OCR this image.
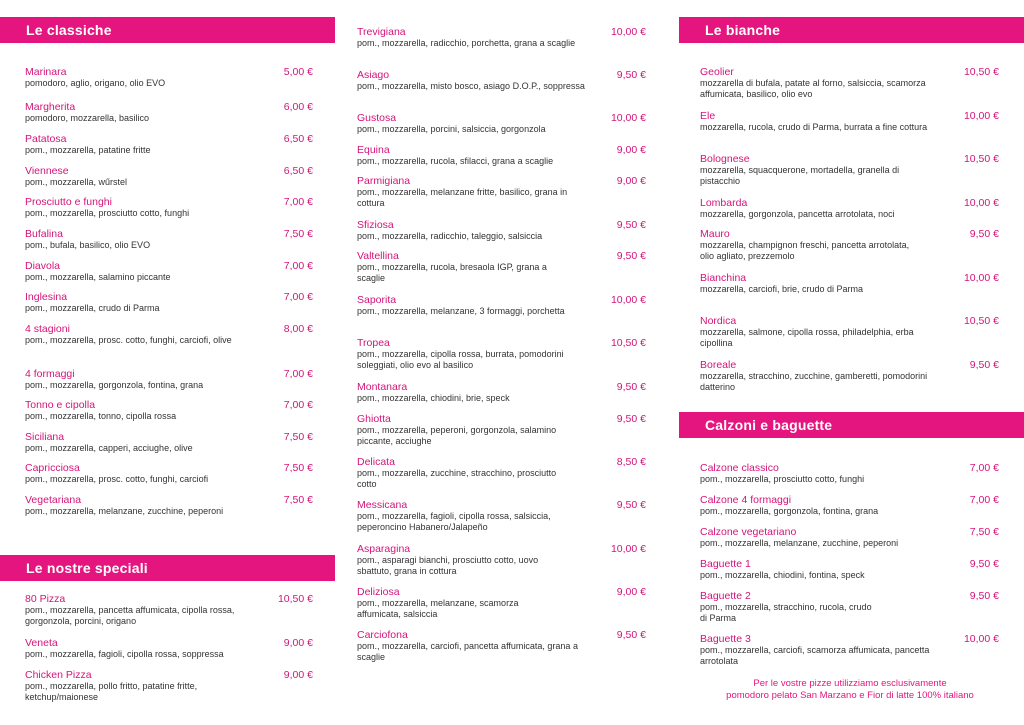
Le classiche
Le nostre speciali
Le bianche
Calzoni e baguette
Marinara	5,00 €
pomodoro, aglio, origano, olio EVO
Margherita	6,00 €
pomodoro, mozzarella, basilico
Patatosa	6,50 €
pom., mozzarella, patatine fritte
Viennese	6,50 €
pom., mozzarella, wűrstel
Prosciutto e funghi	7,00 €
pom., mozzarella, prosciutto cotto, funghi
Bufalina	7,50 €
pom., bufala, basilico, olio EVO
Diavola	7,00 €
pom., mozzarella, salamino piccante
Inglesina	7,00 €
pom., mozzarella, crudo di Parma
4 stagioni	8,00 €
pom., mozzarella, prosc. cotto, funghi, carciofi, olive
4 formaggi	7,00 €
pom., mozzarella, gorgonzola, fontina, grana
Tonno e cipolla	7,00 €
pom., mozzarella, tonno, cipolla rossa
Siciliana	7,50 €
pom., mozzarella, capperi, acciughe, olive
Capricciosa	7,50 €
pom., mozzarella, prosc. cotto, funghi, carciofi
Vegetariana	7,50 €
pom., mozzarella, melanzane, zucchine, peperoni
80 Pizza	10,50 €
pom., mozzarella, pancetta affumicata, cipolla rossa, gorgonzola, porcini, origano
Veneta	9,00 €
pom., mozzarella, fagioli, cipolla rossa, soppressa
Chicken Pizza	9,00 €
pom., mozzarella, pollo fritto, patatine fritte, ketchup/maionese
Trevigiana	10,00 €
pom., mozzarella, radicchio, porchetta, grana a scaglie
Asiago	9,50 €
pom., mozzarella, misto bosco, asiago D.O.P., soppressa
Gustosa	10,00 €
pom., mozzarella, porcini, salsiccia, gorgonzola
Equina	9,00 €
pom., mozzarella, rucola, sfilacci, grana a scaglie
Parmigiana	9,00 €
pom., mozzarella, melanzane fritte, basilico, grana in cottura
Sfiziosa	9,50 €
pom., mozzarella, radicchio, taleggio, salsiccia
Valtellina	9,50 €
pom., mozzarella, rucola, bresaola IGP, grana a scaglie
Saporita	10,00 €
pom., mozzarella, melanzane, 3 formaggi, porchetta
Tropea	10,50 €
pom., mozzarella, cipolla rossa, burrata, pomodorini soleggiati, olio evo al basilico
Montanara	9,50 €
pom., mozzarella, chiodini, brie, speck
Ghiotta	9,50 €
pom., mozzarella, peperoni, gorgonzola, salamino piccante, acciughe
Delicata	8,50 €
pom., mozzarella, zucchine, stracchino, prosciutto cotto
Messicana	9,50 €
pom., mozzarella, fagioli, cipolla rossa, salsiccia, peperoncino Habanero/Jalapeño
Asparagina	10,00 €
pom., asparagi bianchi, prosciutto cotto, uovo sbattuto, grana in cottura
Deliziosa	9,00 €
pom., mozzarella, melanzane, scamorza affumicata, salsiccia
Carciofona	9,50 €
pom., mozzarella, carciofi, pancetta affumicata, grana a scaglie
Geolier	10,50 €
mozzarella di bufala, patate al forno, salsiccia, scamorza affumicata, basilico, olio evo
Ele	10,00 €
mozzarella, rucola, crudo di Parma, burrata a fine cottura
Bolognese	10,50 €
mozzarella, squacquerone, mortadella, granella di pistacchio
Lombarda	10,00 €
mozzarella, gorgonzola, pancetta arrotolata, noci
Mauro	9,50 €
mozzarella, champignon freschi, pancetta arrotolata, olio agliato, prezzemolo
Bianchina	10,00 €
mozzarella, carciofi, brie, crudo di Parma
Nordica	10,50 €
mozzarella, salmone, cipolla rossa, philadelphia, erba cipollina
Boreale	9,50 €
mozzarella, stracchino, zucchine, gamberetti, pomodorini datterino
Calzone classico	7,00 €
pom., mozzarella, prosciutto cotto, funghi
Calzone 4 formaggi	7,00 €
pom., mozzarella, gorgonzola, fontina, grana
Calzone vegetariano	7,50 €
pom., mozzarella, melanzane, zucchine, peperoni
Baguette 1	9,50 €
pom., mozzarella, chiodini, fontina, speck
Baguette 2	9,50 €
pom., mozzarella, stracchino, rucola, crudo di Parma
Baguette 3	10,00 €
pom., mozzarella, carciofi, scamorza affumicata, pancetta arrotolata
Per le vostre pizze utilizziamo esclusivamente
pomodoro pelato San Marzano e Fior di latte 100% italiano
